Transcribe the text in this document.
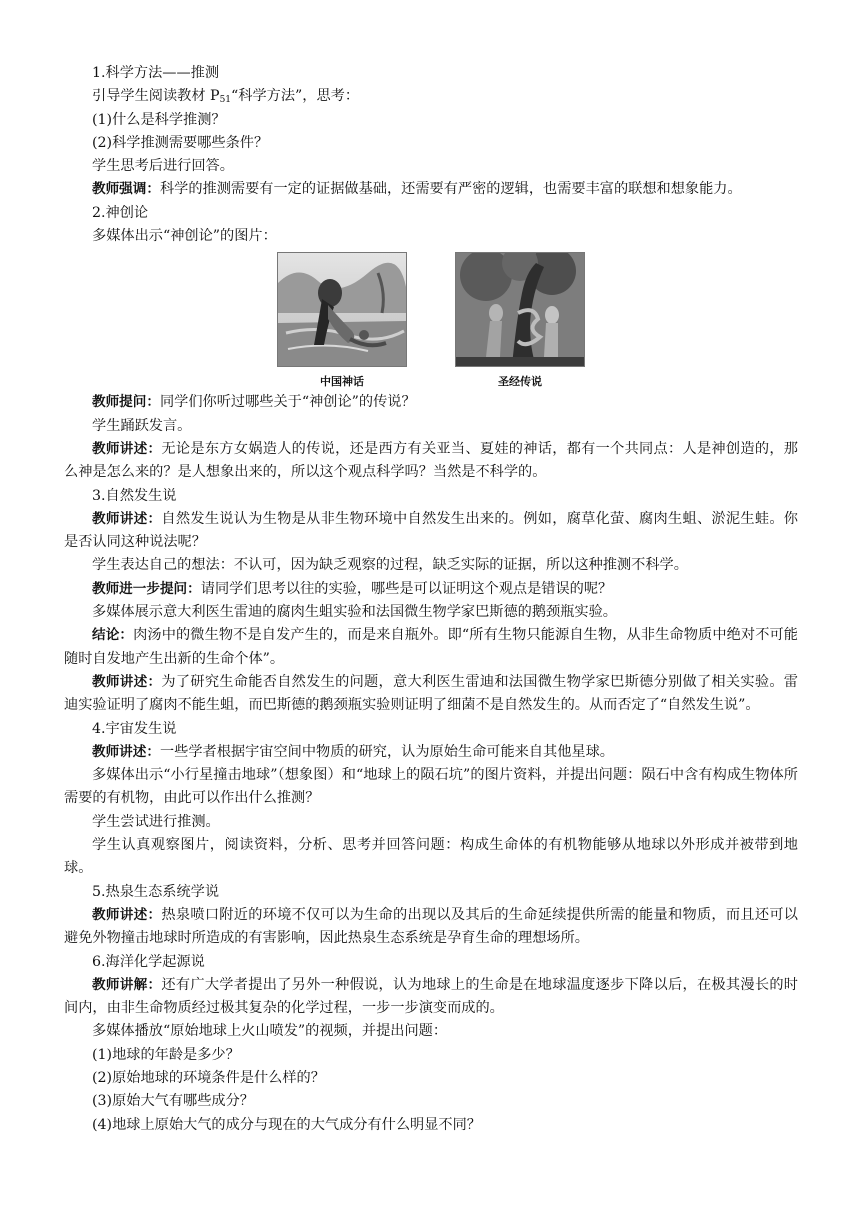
1.科学方法——推测

引导学生阅读教材 $P_{51}“$科学方法”，思考：

(1)什么是科学推测？

(2)科学推测需要哪些条件？

学生思考后进行回答。

教师强调：科学的推测需要有一定的证据做基础，还需要有严密的逻辑，也需要丰富的联想和想象能力。

2.神创论

多媒体出示“神创论”的图片：

中国神话	圣经传说

教师提问：同学们你听过哪些关于“神创论”的传说？

学生踊跃发言。

教师讲述：无论是东方女娲造人的传说，还是西方有关亚当、夏娃的神话，都有一个共同点：人是神创造的，那么神是怎么来的？是人想象出来的，所以这个观点科学吗？当然是不科学的。

3.自然发生说

教师讲述：自然发生说认为生物是从非生物环境中自然发生出来的。例如，腐草化萤、腐肉生蛆、淤泥生蛙。你是否认同这种说法呢？

学生表达自己的想法：不认可，因为缺乏观察的过程，缺乏实际的证据，所以这种推测不科学。

教师进一步提问：请同学们思考以往的实验，哪些是可以证明这个观点是错误的呢？

多媒体展示意大利医生雷迪的腐肉生蛆实验和法国微生物学家巴斯德的鹅颈瓶实验。

结论：肉汤中的微生物不是自发产生的，而是来自瓶外。即“所有生物只能源自生物，从非生命物质中绝对不可能随时自发地产生出新的生命个体”。

教师讲述：为了研究生命能否自然发生的问题，意大利医生雷迪和法国微生物学家巴斯德分别做了相关实验。雷迪实验证明了腐肉不能生蛆，而巴斯德的鹅颈瓶实验则证明了细菌不是自然发生的。从而否定了“自然发生说”。

4.宇宙发生说

教师讲述：一些学者根据宇宙空间中物质的研究，认为原始生命可能来自其他星球。

多媒体出示“小行星撞击地球”（想象图）和“地球上的陨石坑”的图片资料，并提出问题：陨石中含有构成生物体所需要的有机物，由此可以作出什么推测？

学生尝试进行推测。

学生认真观察图片，阅读资料，分析、思考并回答问题：构成生命体的有机物能够从地球以外形成并被带到地球。

5.热泉生态系统学说

教师讲述：热泉喷口附近的环境不仅可以为生命的出现以及其后的生命延续提供所需的能量和物质，而且还可以避免外物撞击地球时所造成的有害影响，因此热泉生态系统是孕育生命的理想场所。

6.海洋化学起源说

教师讲解：还有广大学者提出了另外一种假说，认为地球上的生命是在地球温度逐步下降以后，在极其漫长的时间内，由非生命物质经过极其复杂的化学过程，一步一步演变而成的。

多媒体播放“原始地球上火山喷发”的视频，并提出问题：

(1)地球的年龄是多少？

(2)原始地球的环境条件是什么样的？

(3)原始大气有哪些成分？

(4)地球上原始大气的成分与现在的大气成分有什么明显不同？
